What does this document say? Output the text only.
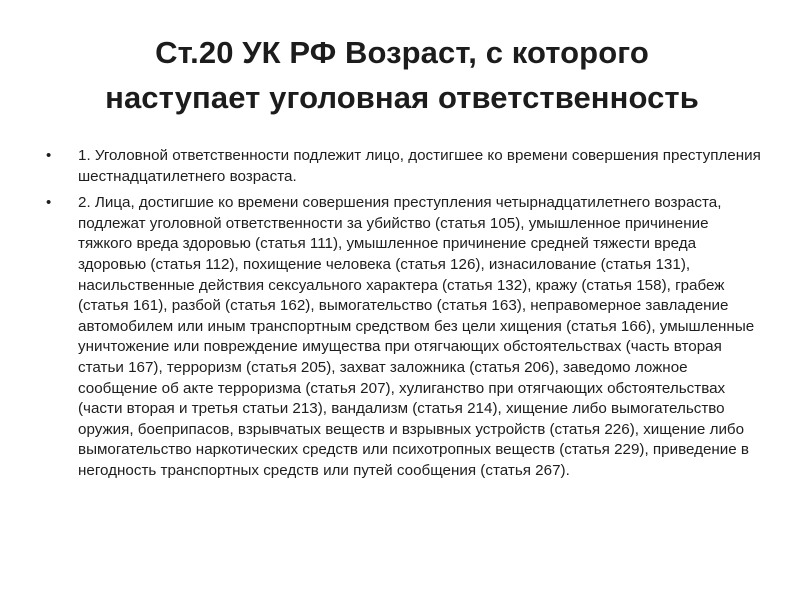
Ст.20 УК РФ Возраст, с которого
наступает уголовная ответственность
• 1. Уголовной ответственности подлежит лицо, достигшее ко времени совершения преступления шестнадцатилетнего возраста.
• 2. Лица, достигшие ко времени совершения преступления четырнадцатилетнего возраста, подлежат уголовной ответственности за убийство (статья 105), умышленное причинение тяжкого вреда здоровью (статья 111), умышленное причинение средней тяжести вреда здоровью (статья 112), похищение человека (статья 126), изнасилование (статья 131), насильственные действия сексуального характера (статья 132), кражу (статья 158), грабеж (статья 161), разбой (статья 162), вымогательство (статья 163), неправомерное завладение автомобилем или иным транспортным средством без цели хищения (статья 166), умышленные уничтожение или повреждение имущества при отягчающих обстоятельствах (часть вторая статьи 167), терроризм (статья 205), захват заложника (статья 206), заведомо ложное сообщение об акте терроризма (статья 207), хулиганство при отягчающих обстоятельствах (части вторая и третья статьи 213), вандализм (статья 214), хищение либо вымогательство оружия, боеприпасов, взрывчатых веществ и взрывных устройств (статья 226), хищение либо вымогательство наркотических средств или психотропных веществ (статья 229), приведение в негодность транспортных средств или путей сообщения (статья 267).
